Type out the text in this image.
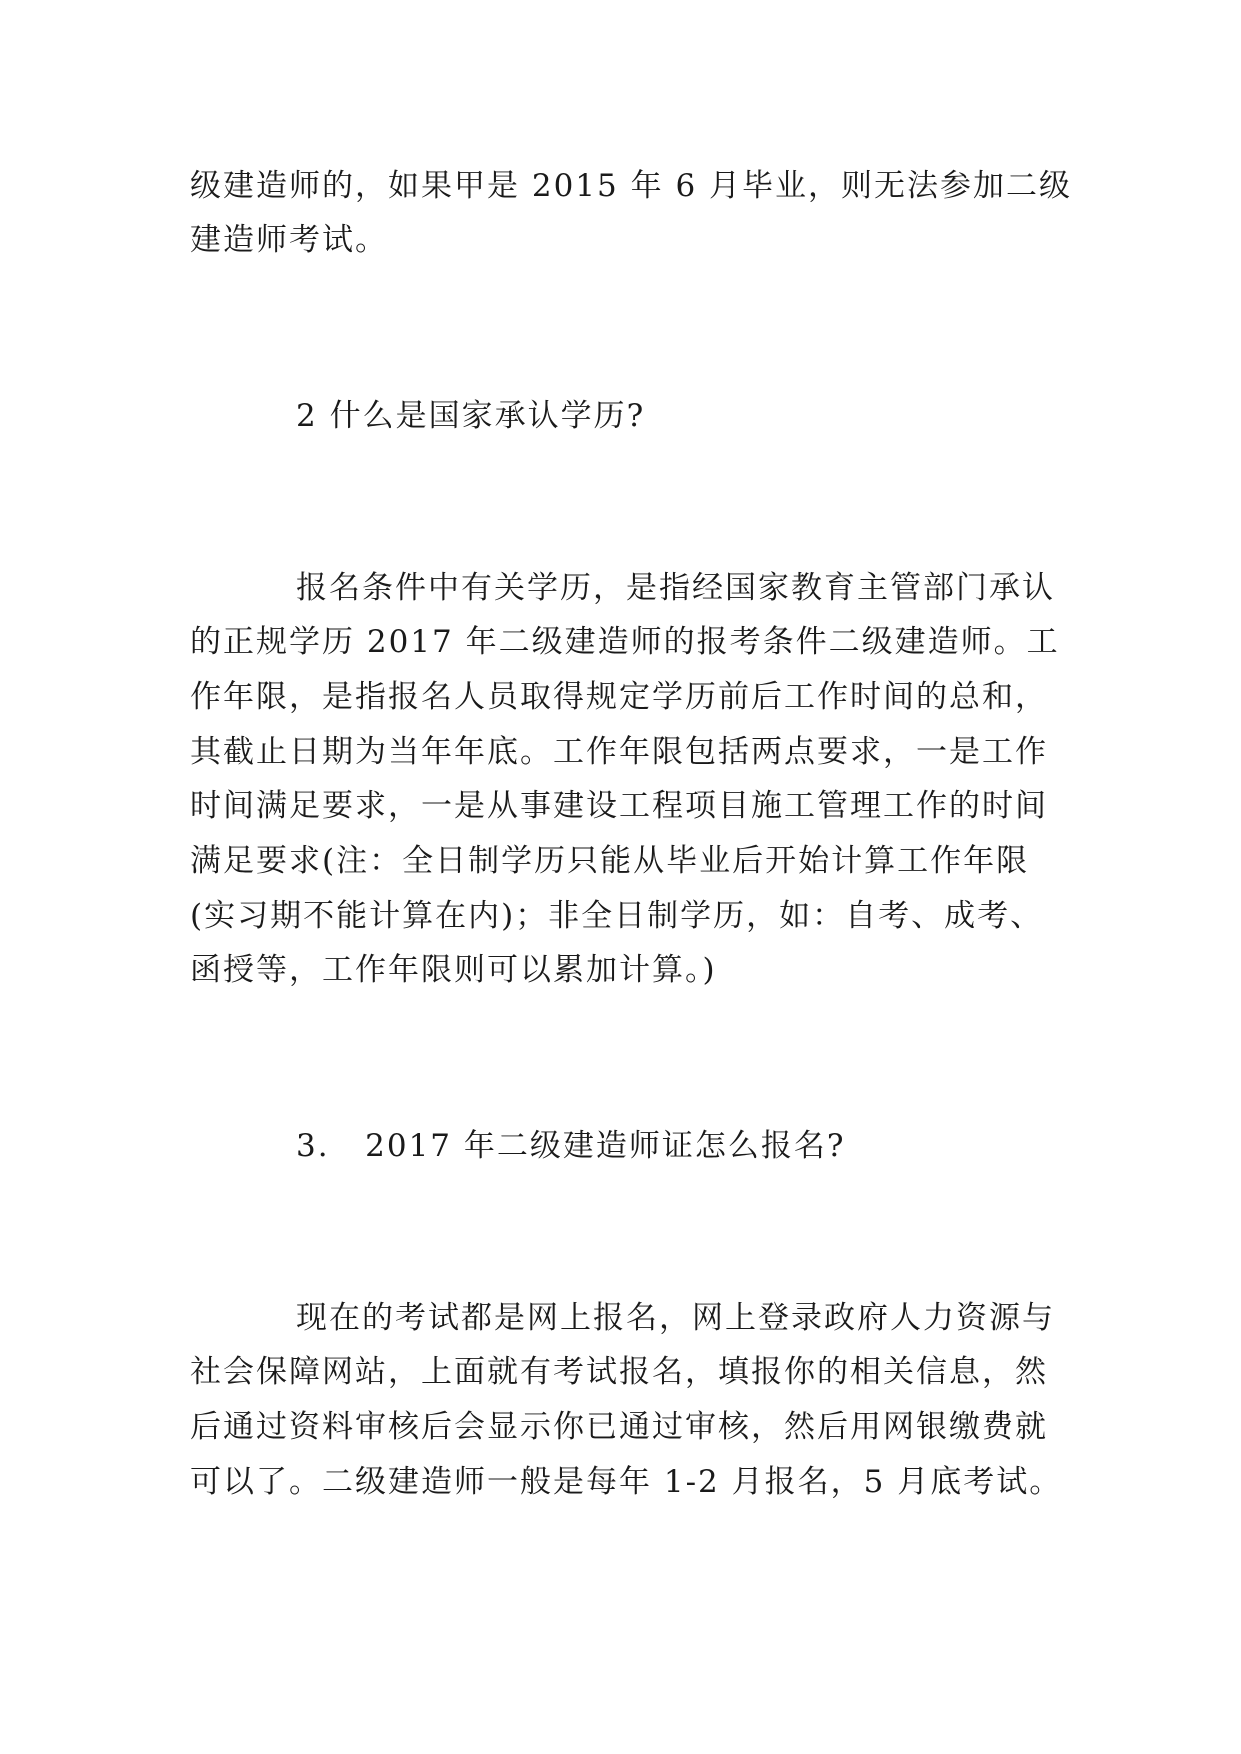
级建造师的，如果甲是 2015 年 6 月毕业，则无法参加二级
建造师考试。
2 什么是国家承认学历?
报名条件中有关学历，是指经国家教育主管部门承认
的正规学历 2017 年二级建造师的报考条件二级建造师。工
作年限，是指报名人员取得规定学历前后工作时间的总和，
其截止日期为当年年底。工作年限包括两点要求，一是工作
时间满足要求，一是从事建设工程项目施工管理工作的时间
满足要求(注：全日制学历只能从毕业后开始计算工作年限
(实习期不能计算在内)；非全日制学历，如：自考、成考、
函授等，工作年限则可以累加计算。)
3.   2017 年二级建造师证怎么报名?
现在的考试都是网上报名，网上登录政府人力资源与
社会保障网站，上面就有考试报名，填报你的相关信息，然
后通过资料审核后会显示你已通过审核，然后用网银缴费就
可以了。二级建造师一般是每年 1-2 月报名，5 月底考试。
